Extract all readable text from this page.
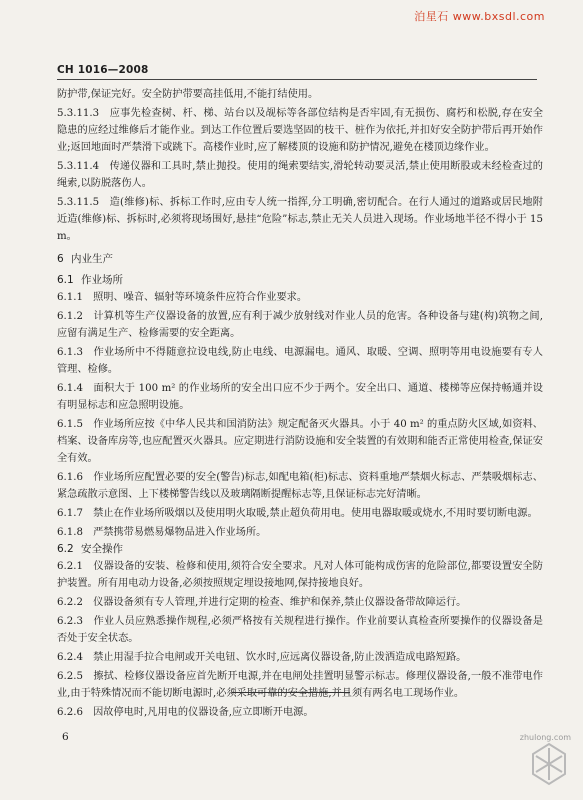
泊星石 www.bxsdl.com
CH 1016—2008

防护带,保证完好。安全防护带要高挂低用,不能打结使用。

5.3.11.3　应事先检查树、杆、梯、站台以及觇标等各部位结构是否牢固,有无损伤、腐朽和松脱,存在安全隐患的应经过维修后才能作业。到达工作位置后要选坚固的枝干、桩作为依托,并扣好安全防护带后再开始作业;返回地面时严禁滑下或跳下。高楼作业时,应了解楼顶的设施和防护情况,避免在楼顶边缘作业。

5.3.11.4　传递仪器和工具时,禁止抛投。使用的绳索要结实,滑轮转动要灵活,禁止使用断股或未经检查过的绳索,以防脱落伤人。

5.3.11.5　造(维修)标、拆标工作时,应由专人统一指挥,分工明确,密切配合。在行人通过的道路或居民地附近造(维修)标、拆标时,必须将现场围好,悬挂“危险”标志,禁止无关人员进入现场。作业场地半径不得小于 15 m。

6 内业生产
6.1 作业场所

6.1.1　照明、噪音、辐射等环境条件应符合作业要求。

6.1.2　计算机等生产仪器设备的放置,应有利于减少放射线对作业人员的危害。各种设备与建(构)筑物之间,应留有满足生产、检修需要的安全距离。

6.1.3　作业场所中不得随意拉设电线,防止电线、电源漏电。通风、取暖、空调、照明等用电设施要有专人管理、检修。

6.1.4　面积大于 100 m² 的作业场所的安全出口应不少于两个。安全出口、通道、楼梯等应保持畅通并设有明显标志和应急照明设施。

6.1.5　作业场所应按《中华人民共和国消防法》规定配备灭火器具。小于 40 m² 的重点防火区域,如资料、档案、设备库房等,也应配置灭火器具。应定期进行消防设施和安全装置的有效期和能否正常使用检查,保证安全有效。

6.1.6　作业场所应配置必要的安全(警告)标志,如配电箱(柜)标志、资料重地严禁烟火标志、严禁吸烟标志、紧急疏散示意图、上下楼梯警告线以及玻璃隔断提醒标志等,且保证标志完好清晰。

6.1.7　禁止在作业场所吸烟以及使用明火取暖,禁止超负荷用电。使用电器取暖或烧水,不用时要切断电源。

6.1.8　严禁携带易燃易爆物品进入作业场所。

6.2 安全操作

6.2.1　仪器设备的安装、检修和使用,须符合安全要求。凡对人体可能构成伤害的危险部位,都要设置安全防护装置。所有用电动力设备,必须按照规定埋设接地网,保持接地良好。

6.2.2　仪器设备须有专人管理,并进行定期的检查、维护和保养,禁止仪器设备带故障运行。

6.2.3　作业人员应熟悉操作规程,必须严格按有关规程进行操作。作业前要认真检查所要操作的仪器设备是否处于安全状态。

6.2.4　禁止用湿手拉合电闸或开关电钮、饮水时,应远离仪器设备,防止泼洒造成电路短路。

6.2.5　擦拭、检修仪器设备应首先断开电源,并在电闸处挂置明显警示标志。修理仪器设备,一般不准带电作业,由于特殊情况而不能切断电源时,必须采取可靠的安全措施,并且须有两名电工现场作业。

6.2.6　因故停电时,凡用电的仪器设备,应立即断开电源。

6	zhulong.com
